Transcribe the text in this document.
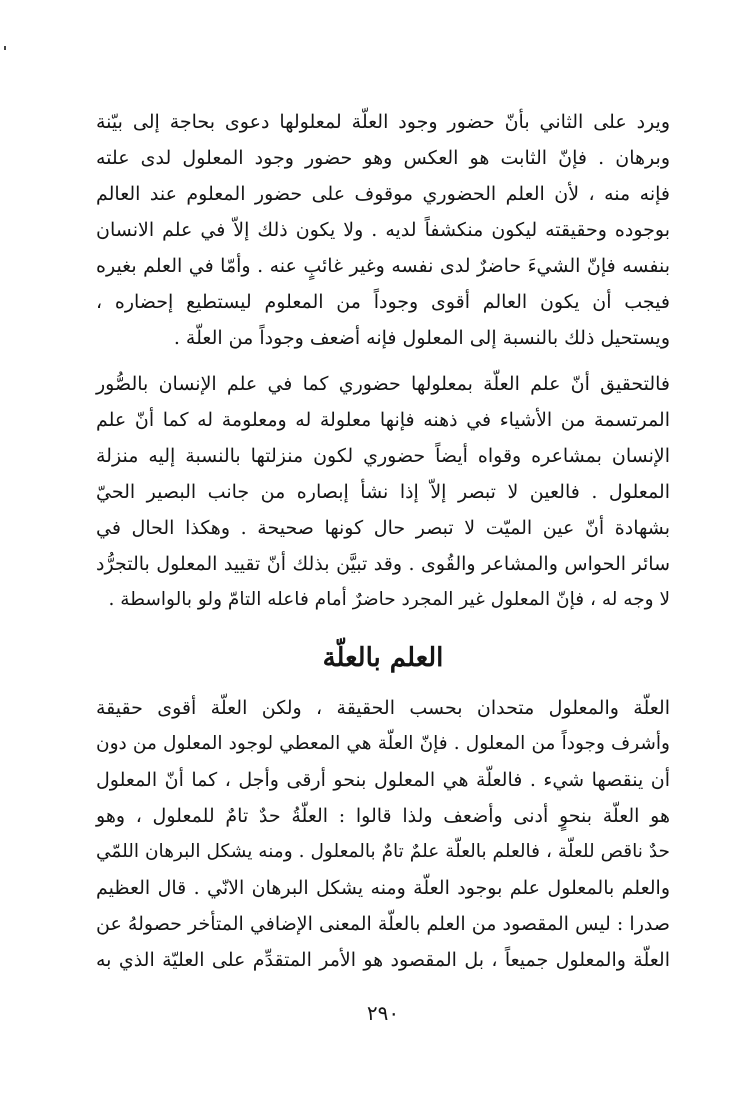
ويرد على الثاني بأنّ حضور وجود العلّة لمعلولها دعوى بحاجة إلى بيّنة
وبرهان . فإنّ الثابت هو العكس وهو حضور وجود المعلول لدى علته
فإنه منه ، لأن العلم الحضوري موقوف على حضور المعلوم عند العالم
بوجوده وحقيقته ليكون منكشفاً لديه . ولا يكون ذلك إلاّ في علم الانسان
بنفسه فإنّ الشيءَ حاضرٌ لدى نفسه وغير غائبٍ عنه . وأمّا في العلم بغيره
فيجب أن يكون العالم أقوى وجوداً من المعلوم ليستطيع إحضاره ،
ويستحيل ذلك بالنسبة إلى المعلول فإنه أضعف وجوداً من العلّة .
فالتحقيق أنّ علم العلّة بمعلولها حضوري كما في علم الإنسان بالصُّور
المرتسمة من الأشياء في ذهنه فإنها معلولة له ومعلومة له كما أنّ علم
الإنسان بمشاعره وقواه أيضاً حضوري لكون منزلتها بالنسبة إليه منزلة
المعلول . فالعين لا تبصر إلاّ إذا نشأ إبصاره من جانب البصير الحيّ
بشهادة أنّ عين الميّت لا تبصر حال كونها صحيحة . وهكذا الحال في
سائر الحواس والمشاعر والقُوى . وقد تبيَّن بذلك أنّ تقييد المعلول بالتجرُّد
لا وجه له ، فإنّ المعلول غير المجرد حاضرٌ أمام فاعله التامّ ولو بالواسطة .
العلم بالعلّة
العلّة والمعلول متحدان بحسب الحقيقة ، ولكن العلّة أقوى حقيقة
وأشرف وجوداً من المعلول . فإنّ العلّة هي المعطي لوجود المعلول من دون
أن ينقصها شيء . فالعلّة هي المعلول بنحو أرقى وأجل ، كما أنّ المعلول
هو العلّة بنحوٍ أدنى وأضعف ولذا قالوا : العلّةُ حدٌ تامٌ للمعلول ، وهو
حدٌ ناقص للعلّة ، فالعلم بالعلّة علمٌ تامٌ بالمعلول . ومنه يشكل البرهان اللمّي
والعلم بالمعلول علم بوجود العلّة ومنه يشكل البرهان الانّي . قال العظيم
صدرا : ليس المقصود من العلم بالعلّة المعنى الإضافي المتأخر حصولهُ عن
العلّة والمعلول جميعاً ، بل المقصود هو الأمر المتقدِّم على العليّة الذي به
٢٩٠
